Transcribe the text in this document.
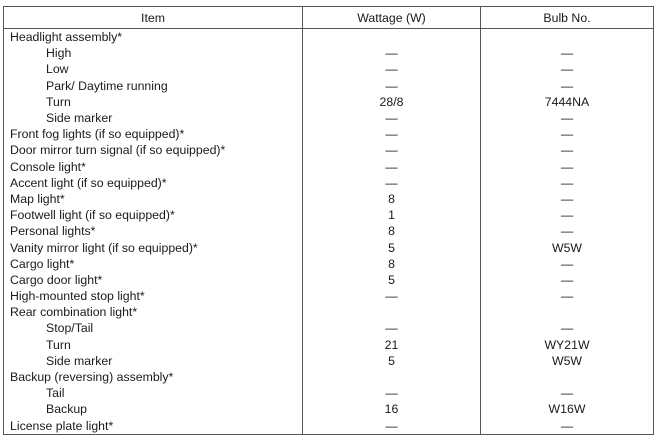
Item	Wattage (W)	Bulb No.
Headlight assembly*		
High	—	—
Low	—	—
Park/ Daytime running	—	—
Turn	28/8	7444NA
Side marker	—	—
Front fog lights (if so equipped)*	—	—
Door mirror turn signal (if so equipped)*	—	—
Console light*	—	—
Accent light (if so equipped)*	—	—
Map light*	8	—
Footwell light (if so equipped)*	1	—
Personal lights*	8	—
Vanity mirror light (if so equipped)*	5	W5W
Cargo light*	8	—
Cargo door light*	5	—
High-mounted stop light*	—	—
Rear combination light*		
Stop/Tail	—	—
Turn	21	WY21W
Side marker	5	W5W
Backup (reversing) assembly*		
Tail	—	—
Backup	16	W16W
License plate light*	—	—
